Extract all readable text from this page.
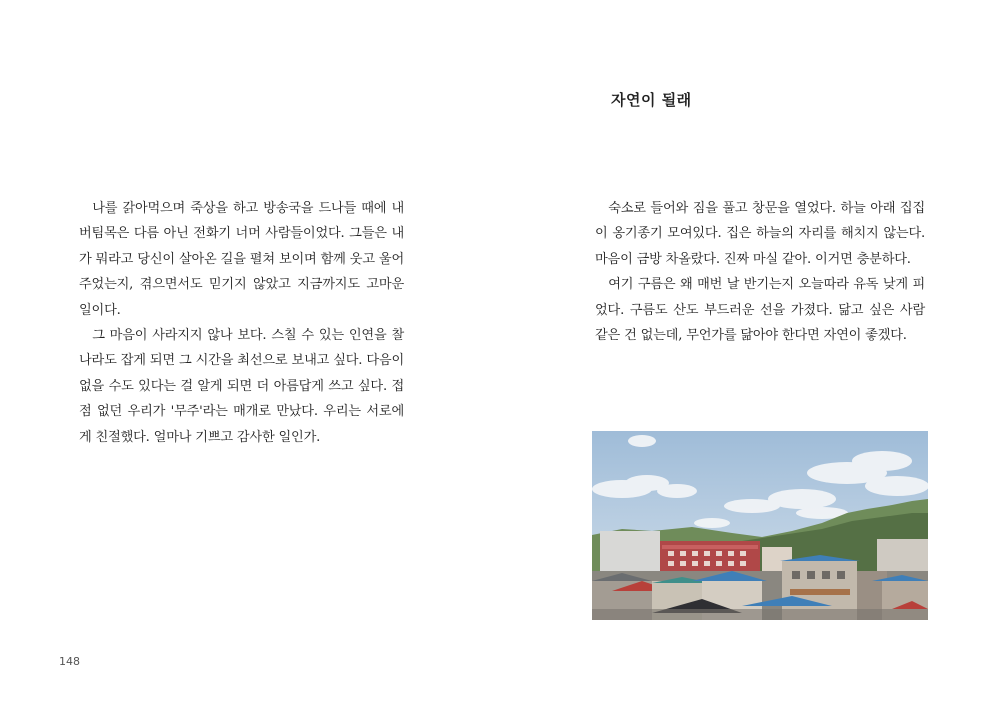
나를 갉아먹으며 죽상을 하고 방송국을 드나들 때에 내 버팀목은 다름 아닌 전화기 너머 사람들이었다. 그들은 내가 뭐라고 당신이 살아온 길을 펼쳐 보이며 함께 웃고 울어주었는지, 겪으면서도 믿기지 않았고 지금까지도 고마운 일이다.

그 마음이 사라지지 않나 보다. 스칠 수 있는 인연을 찰나라도 잡게 되면 그 시간을 최선으로 보내고 싶다. 다음이 없을 수도 있다는 걸 알게 되면 더 아름답게 쓰고 싶다. 접점 없던 우리가 '무주'라는 매개로 만났다. 우리는 서로에게 친절했다. 얼마나 기쁘고 감사한 일인가.

148
자연이 될래

숙소로 들어와 짐을 풀고 창문을 열었다. 하늘 아래 집집이 옹기종기 모여있다. 집은 하늘의 자리를 해치지 않는다. 마음이 금방 차올랐다. 진짜 마실 같아. 이거면 충분하다.

여기 구름은 왜 매번 날 반기는지 오늘따라 유독 낮게 피었다. 구름도 산도 부드러운 선을 가졌다. 닮고 싶은 사람 같은 건 없는데, 무언가를 닮아야 한다면 자연이 좋겠다.
